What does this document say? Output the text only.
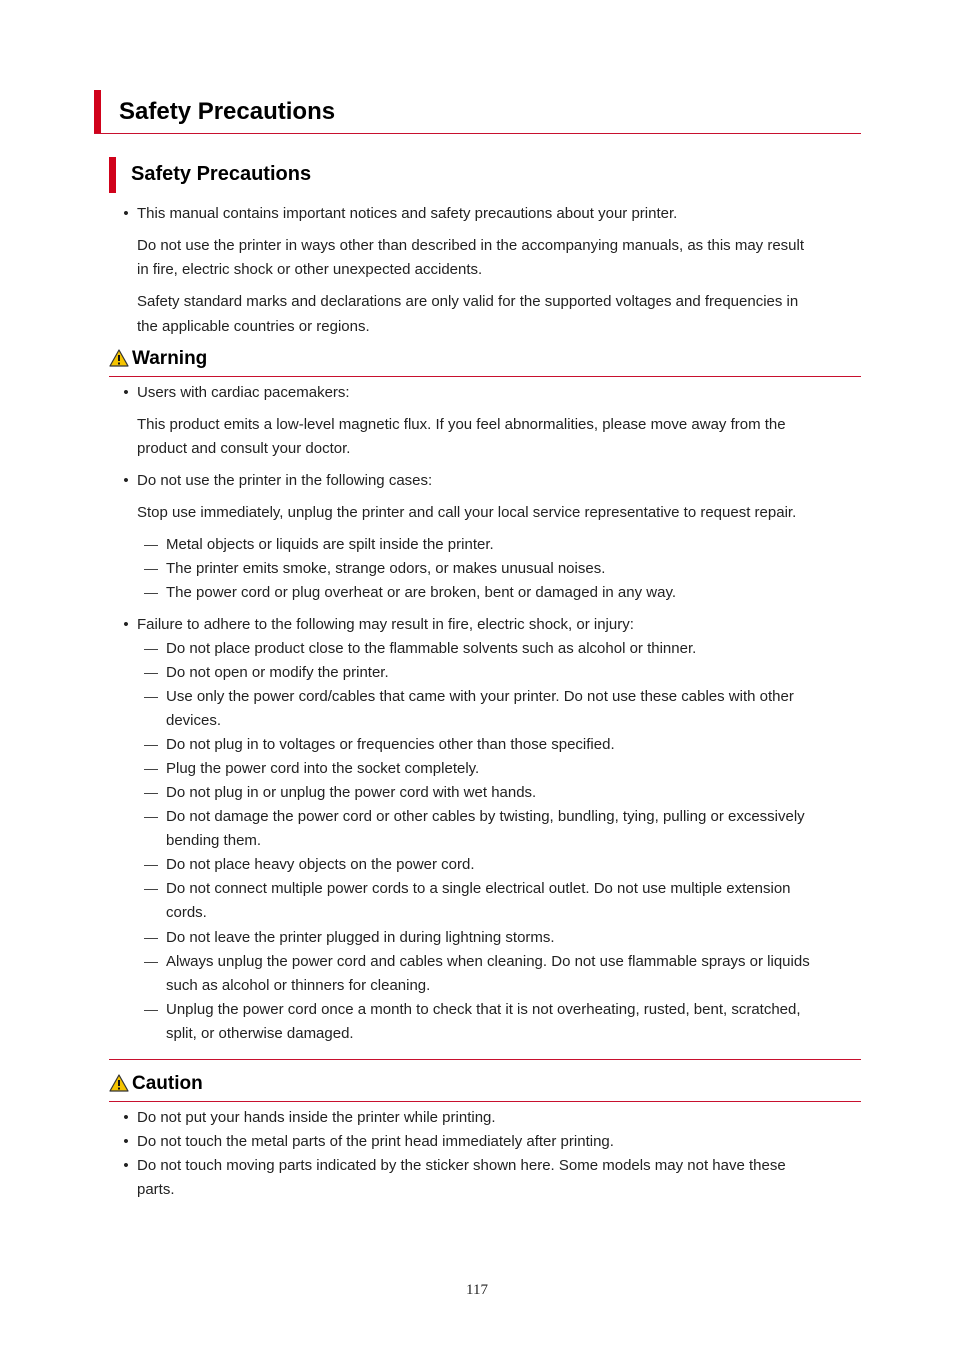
Safety Precautions
Safety Precautions
• This manual contains important notices and safety precautions about your printer.
Do not use the printer in ways other than described in the accompanying manuals, as this may result
in fire, electric shock or other unexpected accidents.
Safety standard marks and declarations are only valid for the supported voltages and frequencies in
the applicable countries or regions.
Warning
• Users with cardiac pacemakers:
This product emits a low-level magnetic flux. If you feel abnormalities, please move away from the
product and consult your doctor.
• Do not use the printer in the following cases:
Stop use immediately, unplug the printer and call your local service representative to request repair.
Metal objects or liquids are spilt inside the printer.
The printer emits smoke, strange odors, or makes unusual noises.
The power cord or plug overheat or are broken, bent or damaged in any way.
• Failure to adhere to the following may result in fire, electric shock, or injury:
Do not place product close to the flammable solvents such as alcohol or thinner.
Do not open or modify the printer.
Use only the power cord/cables that came with your printer. Do not use these cables with other
devices.
Do not plug in to voltages or frequencies other than those specified.
Plug the power cord into the socket completely.
Do not plug in or unplug the power cord with wet hands.
Do not damage the power cord or other cables by twisting, bundling, tying, pulling or excessively
bending them.
Do not place heavy objects on the power cord.
Do not connect multiple power cords to a single electrical outlet. Do not use multiple extension
cords.
Do not leave the printer plugged in during lightning storms.
Always unplug the power cord and cables when cleaning. Do not use flammable sprays or liquids
such as alcohol or thinners for cleaning.
Unplug the power cord once a month to check that it is not overheating, rusted, bent, scratched,
split, or otherwise damaged.
Caution
• Do not put your hands inside the printer while printing.
• Do not touch the metal parts of the print head immediately after printing.
• Do not touch moving parts indicated by the sticker shown here. Some models may not have these
parts.
117
